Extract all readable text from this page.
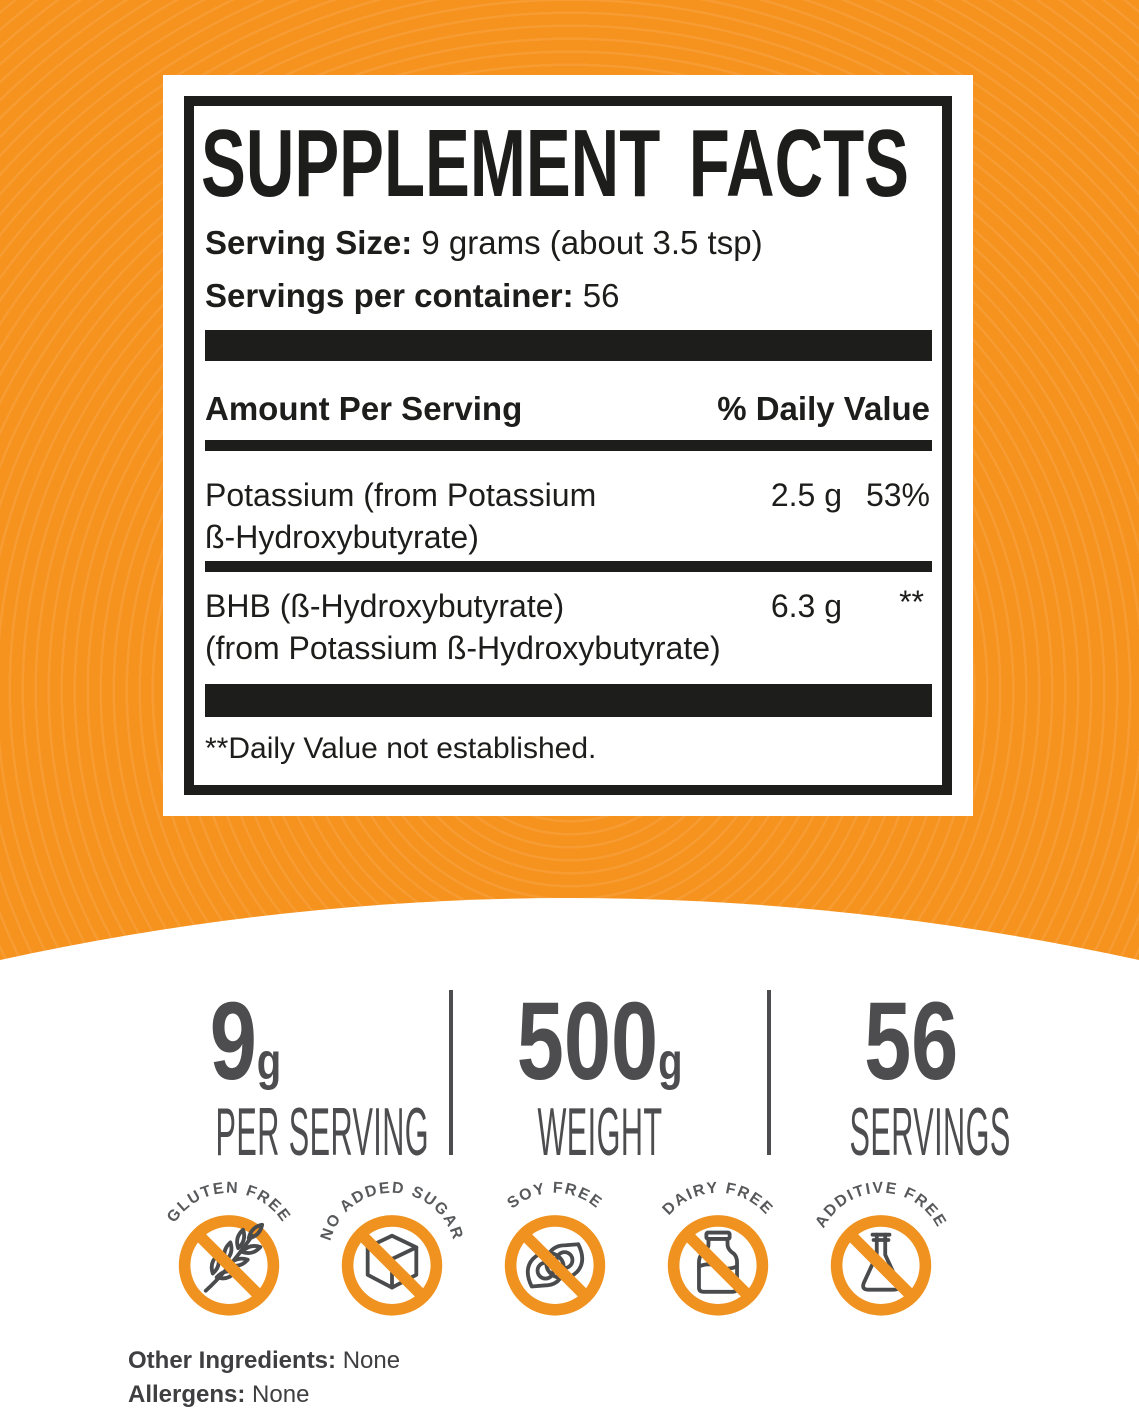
SUPPLEMENT FACTS
Serving Size: 9 grams (about 3.5 tsp)
Servings per container: 56
Amount Per Serving	% Daily Value
Potassium (from Potassium
ß-Hydroxybutyrate)
2.5 g 53%
BHB (ß-Hydroxybutyrate)
(from Potassium ß-Hydroxybutyrate)
6.3 g **
**Daily Value not established.
9g
PER SERVING
500g
WEIGHT
56
SERVINGS
GLUTEN FREE
NO ADDED SUGAR
SOY FREE	DAIRY FREE
ADDITIVE FREE
Other Ingredients: None
Allergens: None
